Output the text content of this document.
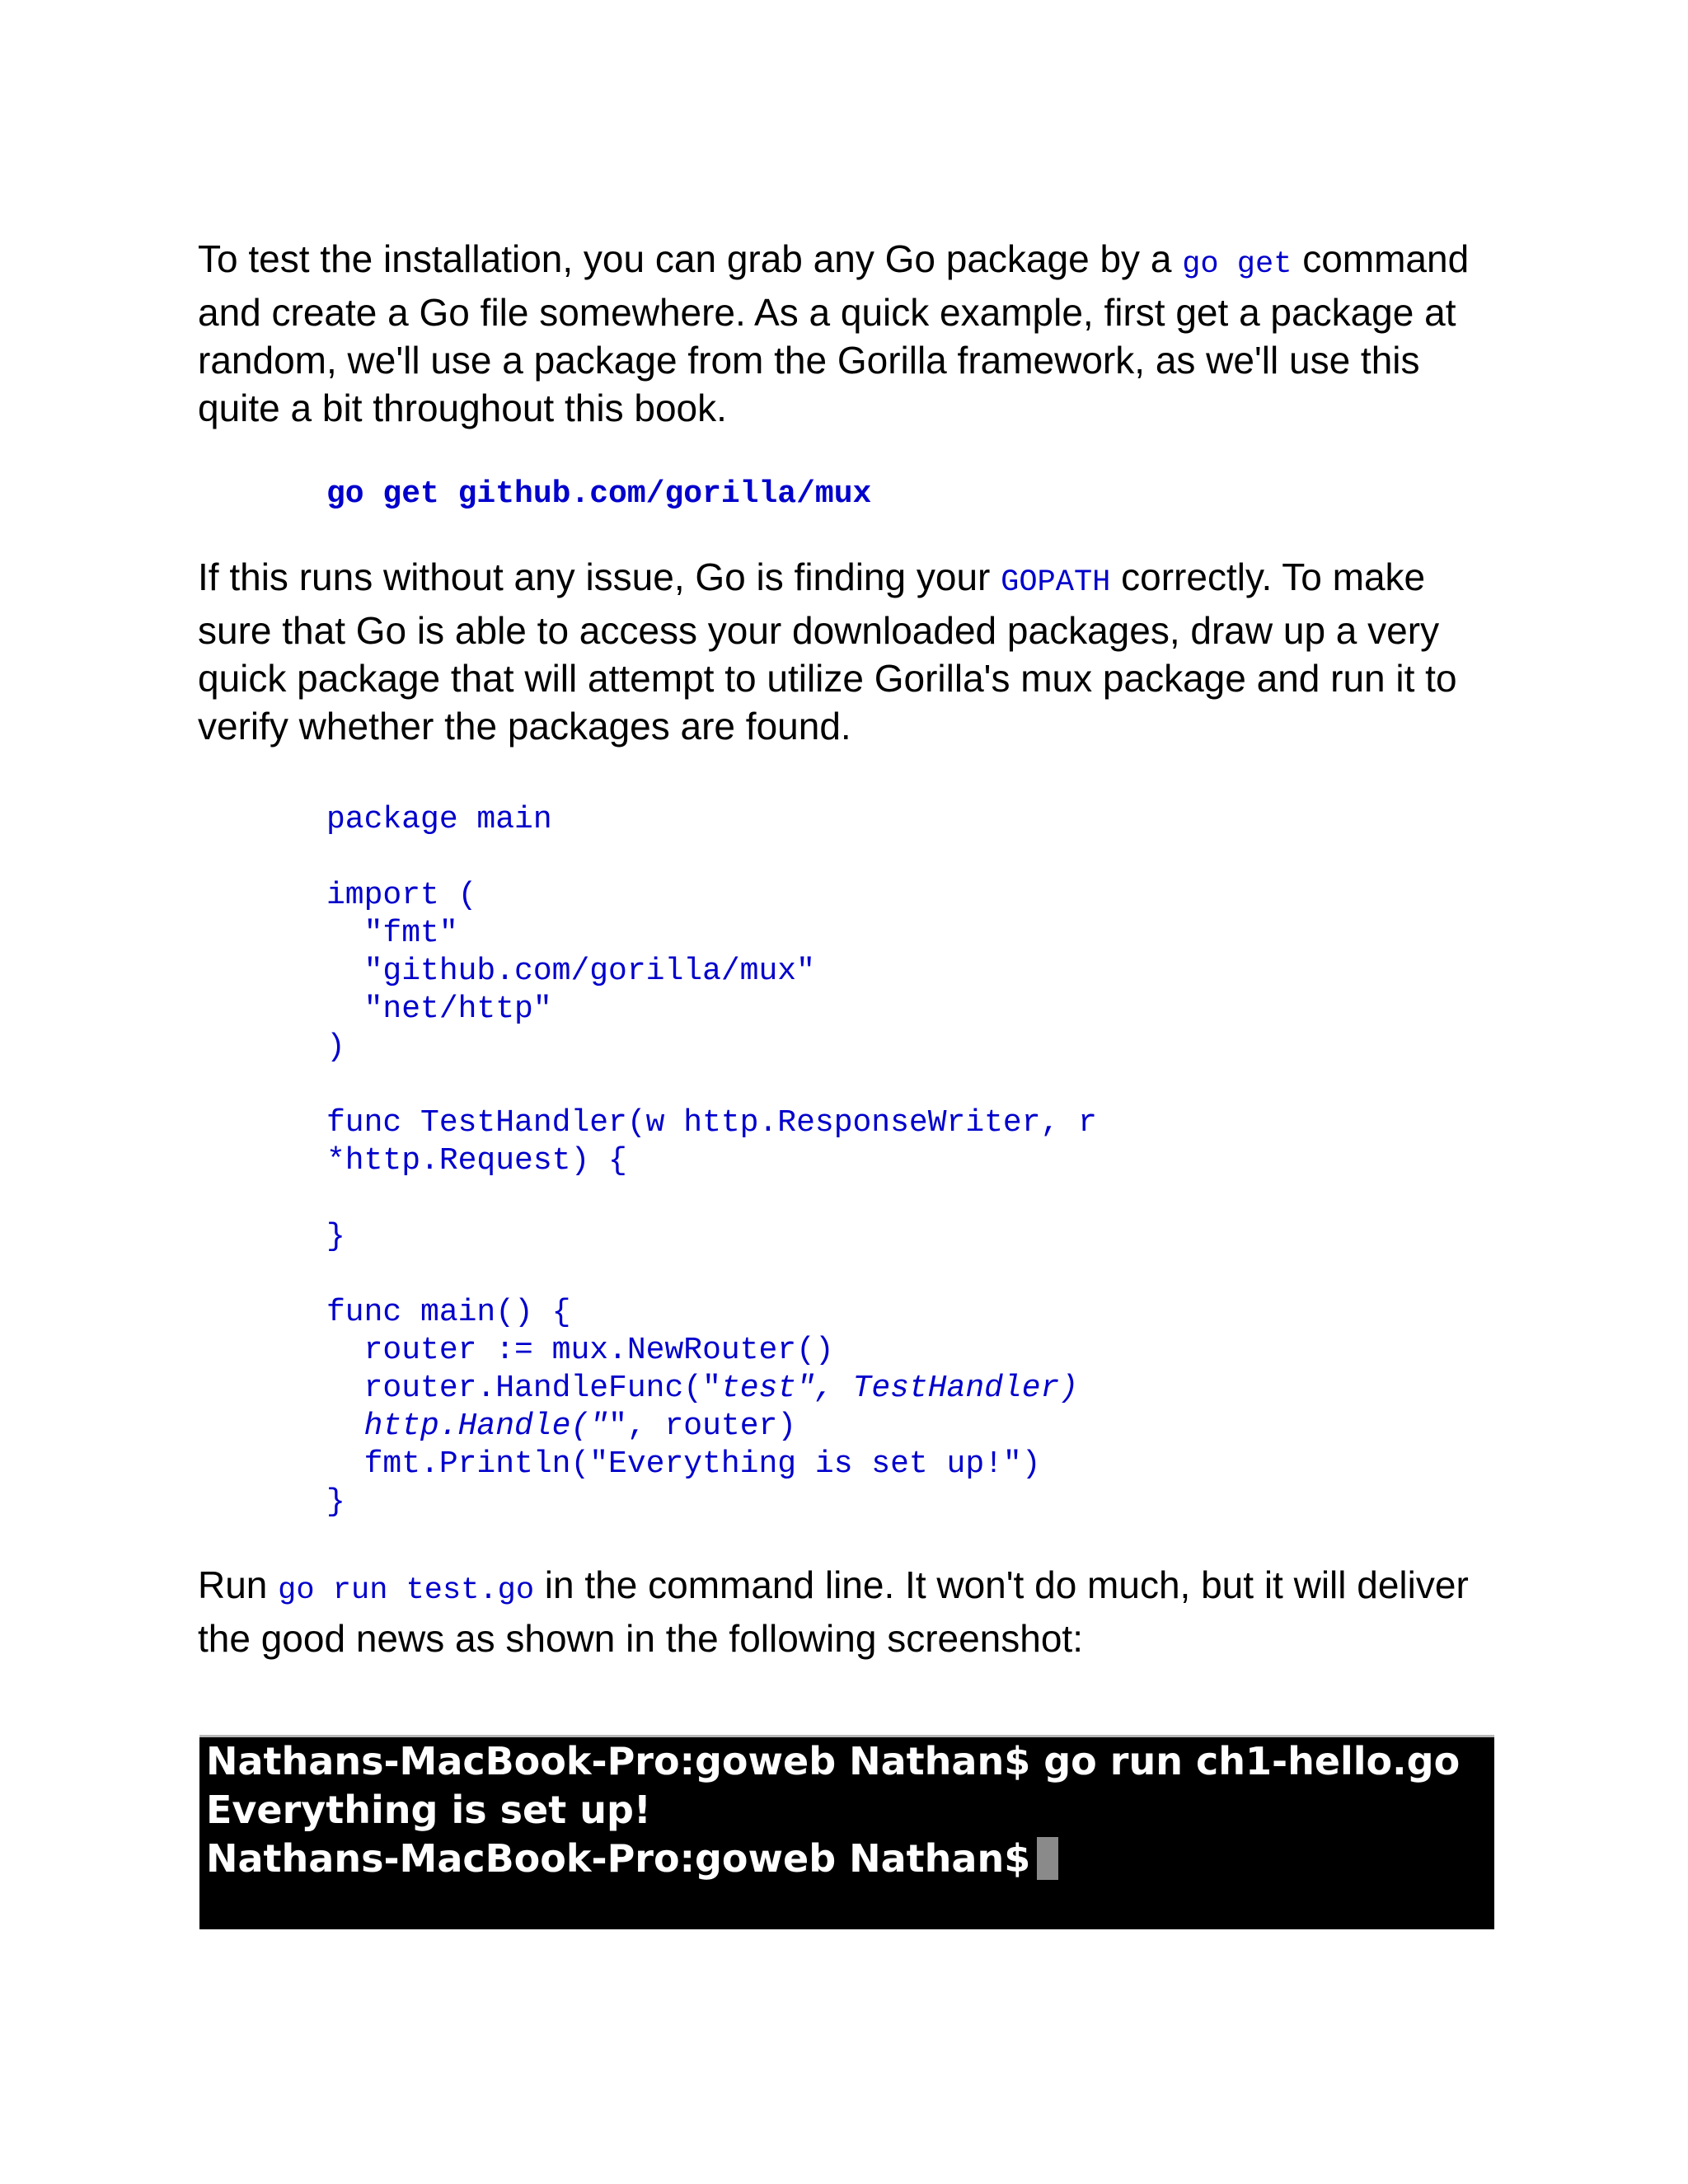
To test the installation, you can grab any Go package by a go get command and create a Go file somewhere. As a quick example, first get a package at random, we'll use a package from the Gorilla framework, as we'll use this quite a bit throughout this book.

go get github.com/gorilla/mux

If this runs without any issue, Go is finding your GOPATH correctly. To make sure that Go is able to access your downloaded packages, draw up a very quick package that will attempt to utilize Gorilla's mux package and run it to verify whether the packages are found.

package main
import (
"fmt"
"github.com/gorilla/mux"
"net/http"
)
func TestHandler(w http.ResponseWriter, r
*http.Request) {
}
func main() {
router := mux.NewRouter()
router.HandleFunc("test", TestHandler)
http.Handle("", router)
fmt.Println("Everything is set up!")
}

Run go run test.go in the command line. It won't do much, but it will deliver the good news as shown in the following screenshot:

Nathans-MacBook-Pro:goweb Nathan$ go run ch1-hello.go
Everything is set up!
Nathans-MacBook-Pro:goweb Nathan$
